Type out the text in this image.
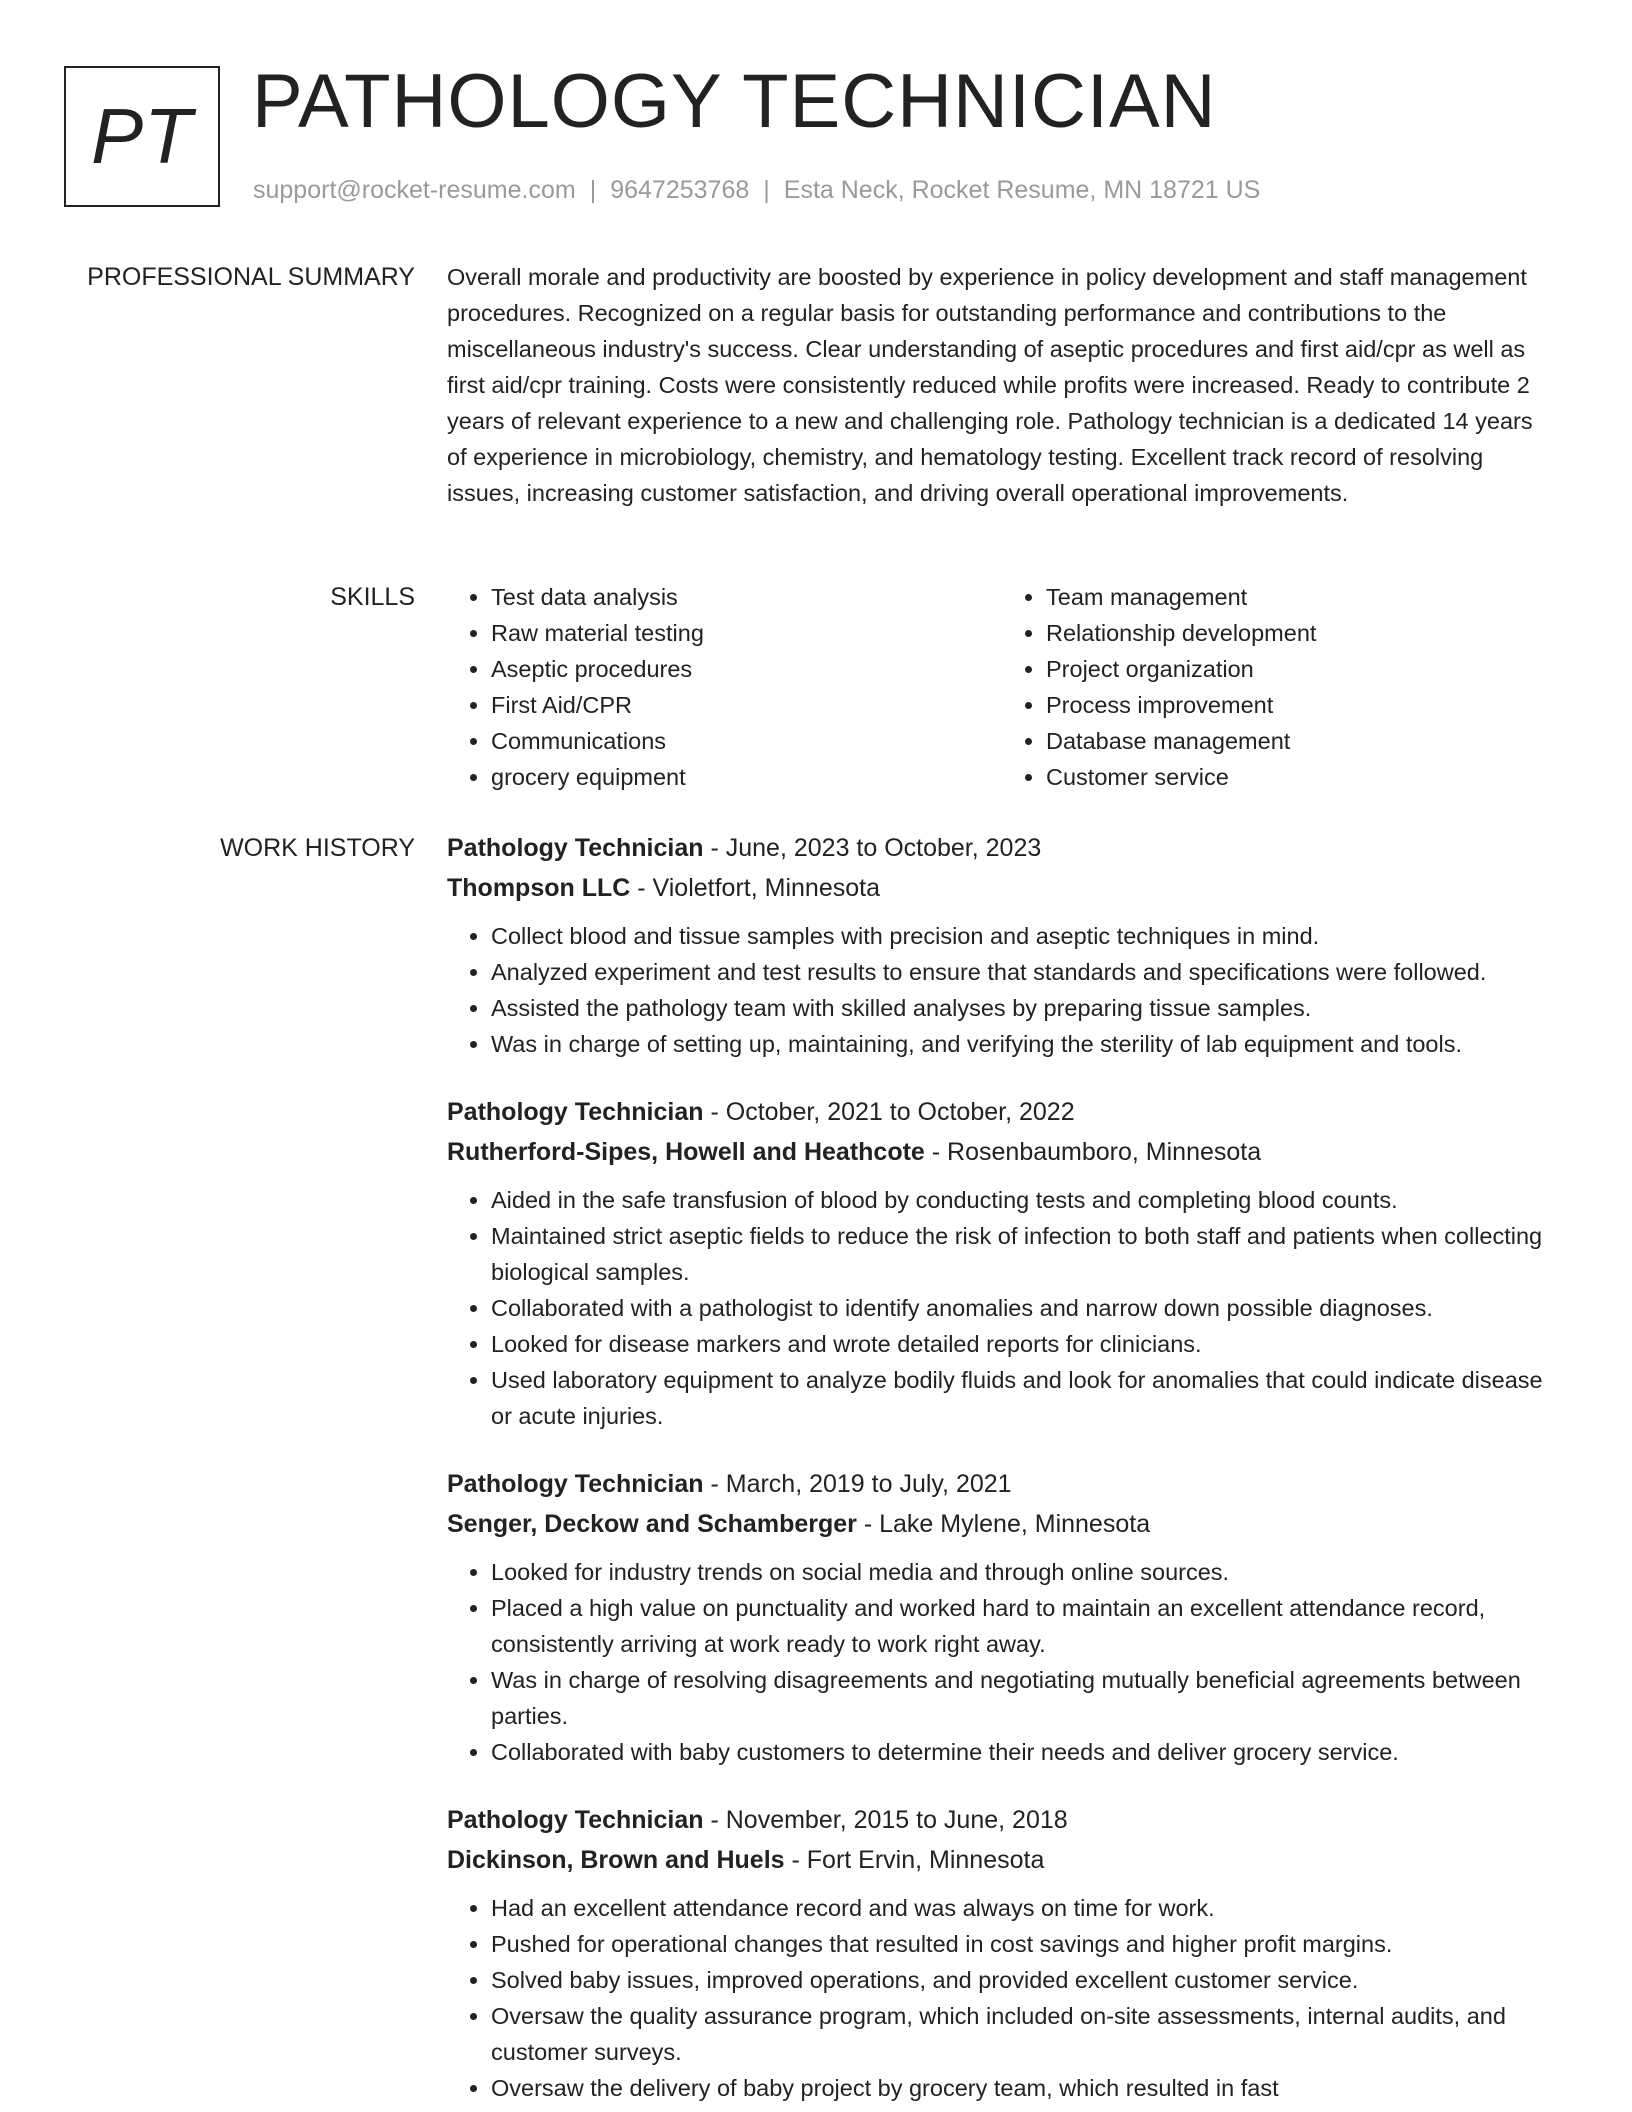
PT PATHOLOGY TECHNICIAN
support@rocket-resume.com | 9647253768 | Esta Neck, Rocket Resume, MN 18721 US
PROFESSIONAL SUMMARY Overall morale and productivity are boosted by experience in policy development and staff management procedures. Recognized on a regular basis for outstanding performance and contributions to the miscellaneous industry's success. Clear understanding of aseptic procedures and first aid/cpr as well as first aid/cpr training. Costs were consistently reduced while profits were increased. Ready to contribute 2 years of relevant experience to a new and challenging role. Pathology technician is a dedicated 14 years of experience in microbiology, chemistry, and hematology testing. Excellent track record of resolving issues, increasing customer satisfaction, and driving overall operational improvements.

SKILLS
•	Test data analysis
• Raw material testing
• Aseptic procedures
• First Aid/CPR
• Communications
• grocery equipment
• Team management
• Relationship development
• Project organization
• Process improvement
• Database management
• Customer service
WORK HISTORY Pathology Technician - June, 2023 to October, 2023
Thompson LLC - Violetfort, Minnesota
• Collect blood and tissue samples with precision and aseptic techniques in mind.
• Analyzed experiment and test results to ensure that standards and specifications were followed.
• Assisted the pathology team with skilled analyses by preparing tissue samples.
• Was in charge of setting up, maintaining, and verifying the sterility of lab equipment and tools.
Pathology Technician - October, 2021 to October, 2022
Rutherford-Sipes, Howell and Heathcote - Rosenbaumboro, Minnesota
• Aided in the safe transfusion of blood by conducting tests and completing blood counts.
• Maintained strict aseptic fields to reduce the risk of infection to both staff and patients when collecting biological samples.
• Collaborated with a pathologist to identify anomalies and narrow down possible diagnoses.
• Looked for disease markers and wrote detailed reports for clinicians.
• Used laboratory equipment to analyze bodily fluids and look for anomalies that could indicate disease or acute injuries.
Pathology Technician - March, 2019 to July, 2021
Senger, Deckow and Schamberger - Lake Mylene, Minnesota
• Looked for industry trends on social media and through online sources.
• Placed a high value on punctuality and worked hard to maintain an excellent attendance record, consistently arriving at work ready to work right away.
• Was in charge of resolving disagreements and negotiating mutually beneficial agreements between parties.
• Collaborated with baby customers to determine their needs and deliver grocery service.
Pathology Technician - November, 2015 to June, 2018
Dickinson, Brown and Huels - Fort Ervin, Minnesota
• Had an excellent attendance record and was always on time for work.
• Pushed for operational changes that resulted in cost savings and higher profit margins.
• Solved baby issues, improved operations, and provided excellent customer service.
• Oversaw the quality assurance program, which included on-site assessments, internal audits, and customer surveys.
• Oversaw the delivery of baby project by grocery team, which resulted in fast
